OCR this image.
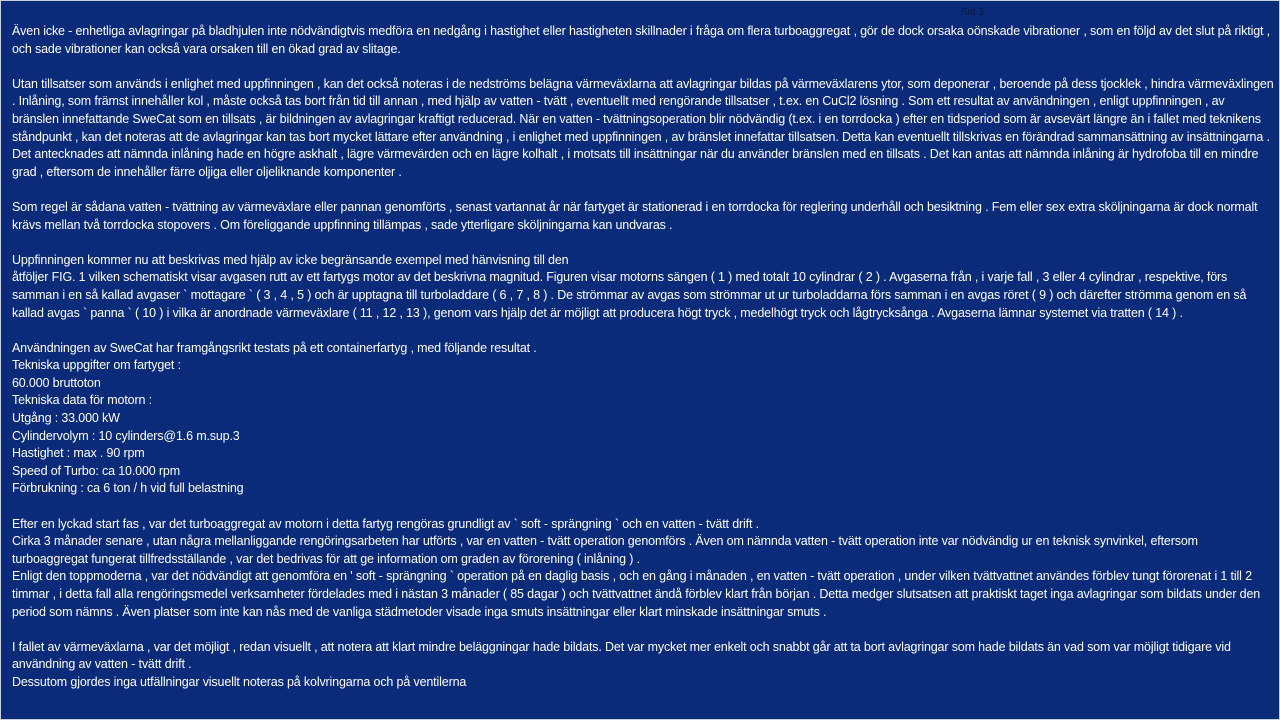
Sid 3

Även icke - enhetliga avlagringar på bladhjulen inte nödvändigtvis medföra en nedgång i hastighet eller hastigheten skillnader i fråga om flera turboaggregat , gör de dock orsaka oönskade vibrationer , som en följd av det slut på riktigt , och sade vibrationer kan också vara orsaken till en ökad grad av slitage.

Utan tillsatser som används i enlighet med uppfinningen , kan det också noteras i de nedströms belägna värmeväxlarna att avlagringar bildas på värmeväxlarens ytor, som deponerar , beroende på dess tjocklek , hindra värmeväxlingen . Inlåning, som främst innehåller kol , måste också tas bort från tid till annan , med hjälp av vatten - tvätt , eventuellt med rengörande tillsatser , t.ex. en CuCl2 lösning . Som ett resultat av användningen , enligt uppfinningen , av bränslen innefattande SweCat som en tillsats , är bildningen av avlagringar kraftigt reducerad. När en vatten - tvättningsoperation blir nödvändig (t.ex. i en torrdocka ) efter en tidsperiod som är avsevärt längre än i fallet med teknikens ståndpunkt , kan det noteras att de avlagringar kan tas bort mycket lättare efter användning , i enlighet med uppfinningen , av bränslet innefattar tillsatsen. Detta kan eventuellt tillskrivas en förändrad sammansättning av insättningarna . Det antecknades att nämnda inlåning hade en högre askhalt , lägre värmevärden och en lägre kolhalt , i motsats till insättningar när du använder bränslen med en tillsats . Det kan antas att nämnda inlåning är hydrofoba till en mindre grad , eftersom de innehåller färre oljiga eller oljeliknande komponenter .

Som regel är sådana vatten - tvättning av värmeväxlare eller pannan genomförts , senast vartannat år när fartyget är stationerad i en torrdocka för reglering underhåll och besiktning . Fem eller sex extra sköljningarna är dock normalt krävs mellan två torrdocka stopovers . Om föreliggande uppfinning tillämpas , sade ytterligare sköljningarna kan undvaras .

Uppfinningen kommer nu att beskrivas med hjälp av icke begränsande exempel med hänvisning till den
åtföljer FIG. 1 vilken schematiskt visar avgasen rutt av ett fartygs motor av det beskrivna magnitud. Figuren visar motorns sängen ( 1 ) med totalt 10 cylindrar ( 2 ) . Avgaserna från , i varje fall , 3 eller 4 cylindrar , respektive, förs samman i en så kallad avgaser ` mottagare ` ( 3 , 4 , 5 ) och är upptagna till turboladdare ( 6 , 7 , 8 ) . De strömmar av avgas som strömmar ut ur turboladdarna förs samman i en avgas röret ( 9 ) och därefter strömma genom en så kallad avgas ` panna ` ( 10 ) i vilka är anordnade värmeväxlare ( 11 , 12 , 13 ), genom vars hjälp det är möjligt att producera högt tryck , medelhögt tryck och lågtrycksånga . Avgaserna lämnar systemet via tratten ( 14 ) .
Användningen av SweCat har framgångsrikt testats på ett containerfartyg , med följande resultat .
Tekniska uppgifter om fartyget :
60.000 bruttoton
Tekniska data för motorn :
Utgång : 33.000 kW
Cylindervolym : 10 cylinders@1.6 m.sup.3
Hastighet : max . 90 rpm
Speed of Turbo: ca 10.000 rpm
Förbrukning : ca 6 ton / h vid full belastning
Efter en lyckad start fas , var det turboaggregat av motorn i detta fartyg rengöras grundligt av ` soft - sprängning ` och en vatten - tvätt drift .
Cirka 3 månader senare , utan några mellanliggande rengöringsarbeten har utförts , var en vatten - tvätt operation genomförs . Även om nämnda vatten - tvätt operation inte var nödvändig ur en teknisk synvinkel, eftersom turboaggregat fungerat tillfredsställande , var det bedrivas för att ge information om graden av förorening ( inlåning ) .
Enligt den toppmoderna , var det nödvändigt att genomföra en ' soft - sprängning ` operation på en daglig basis , och en gång i månaden , en vatten - tvätt operation , under vilken tvättvattnet användes förblev tungt förorenat i 1 till 2 timmar , i detta fall alla rengöringsmedel verksamheter fördelades med i nästan 3 månader ( 85 dagar ) och tvättvattnet ändå förblev klart från början . Detta medger slutsatsen att praktiskt taget inga avlagringar som bildats under den period som nämns . Även platser som inte kan nås med de vanliga städmetoder visade inga smuts insättningar eller klart minskade insättningar smuts .
I fallet av värmeväxlarna , var det möjligt , redan visuellt , att notera att klart mindre beläggningar hade bildats. Det var mycket mer enkelt och snabbt går att ta bort avlagringar som hade bildats än vad som var möjligt tidigare vid användning av vatten - tvätt drift .
Dessutom gjordes inga utfällningar visuellt noteras på kolvringarna och på ventilerna
